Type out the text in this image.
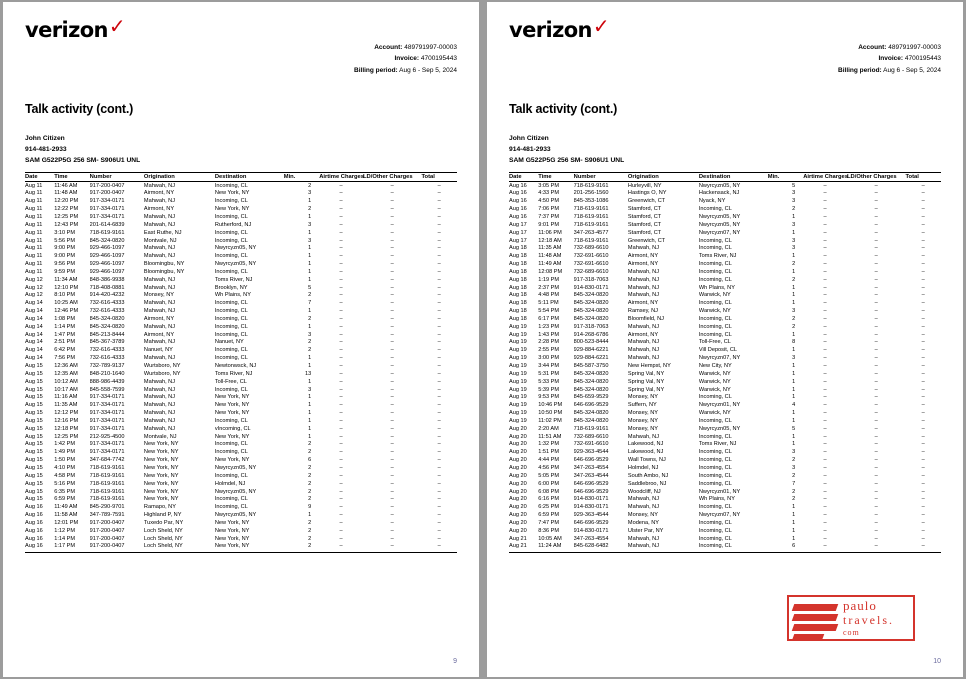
verizon✓
Account: 489791997-00003
Invoice: 4700195443
Billing period: Aug 6 - Sep 5, 2024
Talk activity (cont.)
John Citizen
914-481-2933
SAM G522P5G 256 SM- S906U1 UNL
Date	Time	Number	Origination	Destination	Min.	Airtime Charges	LD/Other Charges	Total
Aug 11	11:46 AM	917-200-0407	Mahwah, NJ	Incoming, CL	2	–	–	–
Aug 11	11:48 AM	917-200-0407	Airmont, NY	New York, NY	3	–	–	–
Aug 11	12:20 PM	917-334-0171	Mahwah, NJ	Incoming, CL	1	–	–	–
Aug 11	12:22 PM	917-334-0171	Airmont, NY	New York, NY	2	–	–	–
Aug 11	12:25 PM	917-334-0171	Mahwah, NJ	Incoming, CL	1	–	–	–
Aug 11	12:43 PM	201-614-6839	Mahwah, NJ	Rutherford, NJ	3	–	–	–
Aug 11	3:10 PM	718-619-9161	East Ruthe, NJ	Incoming, CL	1	–	–	–
Aug 11	5:56 PM	845-324-0820	Montvale, NJ	Incoming, CL	3	–	–	–
Aug 11	9:00 PM	929-466-1097	Mahwah, NJ	Nwyrcyzn05, NY	1	–	–	–
Aug 11	9:00 PM	929-466-1097	Mahwah, NJ	Incoming, CL	1	–	–	–
Aug 11	9:56 PM	929-466-1097	Bloomingbu, NY	Nwyrcyzn05, NY	1	–	–	–
Aug 11	9:59 PM	929-466-1097	Bloomingbu, NY	Incoming, CL	1	–	–	–
Aug 12	11:34 AM	848-386-9938	Mahwah, NJ	Toms River, NJ	1	–	–	–
Aug 12	12:10 PM	718-408-0881	Mahwah, NJ	Brooklyn, NY	5	–	–	–
Aug 12	8:10 PM	914-420-4232	Monsey, NY	Wh Plains, NY	2	–	–	–
Aug 14	10:25 AM	732-616-4333	Mahwah, NJ	Incoming, CL	7	–	–	–
Aug 14	12:46 PM	732-616-4333	Mahwah, NJ	Incoming, CL	1	–	–	–
Aug 14	1:08 PM	845-324-0820	Airmont, NY	Incoming, CL	2	–	–	–
Aug 14	1:14 PM	845-324-0820	Mahwah, NJ	Incoming, CL	1	–	–	–
Aug 14	1:47 PM	845-213-8444	Airmont, NY	Incoming, CL	3	–	–	–
Aug 14	2:51 PM	845-367-3789	Mahwah, NJ	Nanuet, NY	2	–	–	–
Aug 14	6:42 PM	732-616-4333	Nanuet, NY	Incoming, CL	2	–	–	–
Aug 14	7:56 PM	732-616-4333	Mahwah, NJ	Incoming, CL	1	–	–	–
Aug 15	12:36 AM	732-789-9137	Wurtsboro, NY	Newtonwsck, NJ	1	–	–	–
Aug 15	12:35 AM	848-210-1640	Wurtsboro, NY	Toms River, NJ	13	–	–	–
Aug 15	10:12 AM	888-986-4439	Mahwah, NJ	Toll-Free, CL	1	–	–	–
Aug 15	10:17 AM	845-558-7599	Mahwah, NJ	Incoming, CL	3	–	–	–
Aug 15	11:16 AM	917-334-0171	Mahwah, NJ	New York, NY	1	–	–	–
Aug 15	11:35 AM	917-334-0171	Mahwah, NJ	New York, NY	1	–	–	–
Aug 15	12:12 PM	917-334-0171	Mahwah, NJ	New York, NY	1	–	–	–
Aug 15	12:16 PM	917-334-0171	Mahwah, NJ	Incoming, CL	1	–	–	–
Aug 15	12:18 PM	917-334-0171	Mahwah, NJ	vIncoming, CL	1	–	–	–
Aug 15	12:25 PM	212-925-4500	Montvale, NJ	New York, NY	1	–	–	–
Aug 15	1:42 PM	917-334-0171	New York, NY	Incoming, CL	2	–	–	–
Aug 15	1:49 PM	917-334-0171	New York, NY	Incoming, CL	2	–	–	–
Aug 15	1:50 PM	347-684-7742	New York, NY	New York, NY	6	–	–	–
Aug 15	4:10 PM	718-619-9161	New York, NY	Nwyrcyzn05, NY	2	–	–	–
Aug 15	4:58 PM	718-619-9161	New York, NY	Incoming, CL	2	–	–	–
Aug 15	5:16 PM	718-619-9161	New York, NY	Holmdel, NJ	2	–	–	–
Aug 15	6:35 PM	718-619-9161	New York, NY	Nwyrcyzn05, NY	2	–	–	–
Aug 15	6:59 PM	718-619-9161	New York, NY	Incoming, CL	2	–	–	–
Aug 16	11:49 AM	845-290-9701	Ramapo, NY	Incoming, CL	9	–	–	–
Aug 16	11:58 AM	347-789-7591	Highland P, NY	Nwyrcyzn05, NY	1	–	–	–
Aug 16	12:01 PM	917-200-0407	Tuxedo Par, NY	New York, NY	2	–	–	–
Aug 16	1:12 PM	917-200-0407	Loch Sheld, NY	New York, NY	2	–	–	–
Aug 16	1:14 PM	917-200-0407	Loch Sheld, NY	New York, NY	2	–	–	–
Aug 16	1:17 PM	917-200-0407	Loch Sheld, NY	New York, NY	2	–	–	–
9
verizon✓
Account: 489791997-00003
Invoice: 4700195443
Billing period: Aug 6 - Sep 5, 2024
Talk activity (cont.)
John Citizen
914-481-2933
SAM G522P5G 256 SM- S906U1 UNL
Date	Time	Number	Origination	Destination	Min.	Airtime Charges	LD/Other Charges	Total
Aug 16	3:05 PM	718-619-9161	Hurleyvill, NY	Nwyrcyzn05, NY	5	–	–	–
Aug 16	4:33 PM	201-256-1560	Hastings O, NY	Hackensack, NJ	3	–	–	–
Aug 16	4:50 PM	845-353-1086	Greenwich, CT	Nyack, NY	3	–	–	–
Aug 16	7:06 PM	718-619-9161	Stamford, CT	Incoming, CL	2	–	–	–
Aug 16	7:37 PM	718-619-9161	Stamford, CT	Nwyrcyzn05, NY	1	–	–	–
Aug 17	9:01 PM	718-619-9161	Stamford, CT	Nwyrcyzn05, NY	3	–	–	–
Aug 17	11:06 PM	347-263-4577	Stamford, CT	Nwyrcyzn07, NY	1	–	–	–
Aug 17	12:18 AM	718-619-9161	Greenwich, CT	Incoming, CL	3	–	–	–
Aug 18	11:35 AM	732-689-6610	Mahwah, NJ	Incoming, CL	3	–	–	–
Aug 18	11:48 AM	732-691-6610	Airmont, NY	Toms River, NJ	1	–	–	–
Aug 18	11:49 AM	732-691-6610	Airmont, NY	Incoming, CL	2	–	–	–
Aug 18	12:08 PM	732-689-6610	Mahwah, NJ	Incoming, CL	1	–	–	–
Aug 18	1:19 PM	917-318-7063	Mahwah, NJ	Incoming, CL	2	–	–	–
Aug 18	2:37 PM	914-830-0171	Mahwah, NJ	Wh Plains, NY	1	–	–	–
Aug 18	4:48 PM	845-324-0820	Mahwah, NJ	Warwick, NY	1	–	–	–
Aug 18	5:11 PM	845-324-0820	Airmont, NY	Incoming, CL	1	–	–	–
Aug 18	5:54 PM	845-324-0820	Ramsey, NJ	Warwick, NY	3	–	–	–
Aug 18	6:17 PM	845-324-0820	Bloomfield, NJ	Incoming, CL	2	–	–	–
Aug 19	1:23 PM	917-318-7063	Mahwah, NJ	Incoming, CL	2	–	–	–
Aug 19	1:43 PM	914-268-6786	Airmont, NY	Incoming, CL	1	–	–	–
Aug 19	2:28 PM	800-523-8444	Mahwah, NJ	Toll-Free, CL	8	–	–	–
Aug 19	2:55 PM	929-884-6221	Mahwah, NJ	Vill Deposit, CL	1	–	–	–
Aug 19	3:00 PM	929-884-6221	Mahwah, NJ	Nwyrcyzn07, NY	3	–	–	–
Aug 19	3:44 PM	845-587-3750	New Hempst, NY	New City, NY	1	–	–	–
Aug 19	5:31 PM	845-324-0820	Spring Val, NY	Warwick, NY	1	–	–	–
Aug 19	5:33 PM	845-324-0820	Spring Val, NY	Warwick, NY	1	–	–	–
Aug 19	5:39 PM	845-324-0820	Spring Val, NY	Warwick, NY	1	–	–	–
Aug 19	9:53 PM	845-659-9529	Monsey, NY	Incoming, CL	1	–	–	–
Aug 19	10:46 PM	646-696-9529	Suffern, NY	Nwyrcyzn01, NY	4	–	–	–
Aug 19	10:50 PM	845-324-0820	Monsey, NY	Warwick, NY	1	–	–	–
Aug 19	11:02 PM	845-324-0820	Monsey, NY	Incoming, CL	1	–	–	–
Aug 20	2:20 AM	718-619-9161	Monsey, NY	Nwyrcyzn05, NY	5	–	–	–
Aug 20	11:51 AM	732-689-6610	Mahwah, NJ	Incoming, CL	1	–	–	–
Aug 20	1:32 PM	732-691-6610	Lakewood, NJ	Toms River, NJ	1	–	–	–
Aug 20	1:51 PM	929-363-4544	Lakewood, NJ	Incoming, CL	3	–	–	–
Aug 20	4:44 PM	646-696-9529	Wall Towns, NJ	Incoming, CL	2	–	–	–
Aug 20	4:56 PM	347-263-4554	Holmdel, NJ	Incoming, CL	3	–	–	–
Aug 20	5:05 PM	347-263-4544	South Ambo, NJ	Incoming, CL	2	–	–	–
Aug 20	6:00 PM	646-696-9529	Saddlebroo, NJ	Incoming, CL	7	–	–	–
Aug 20	6:08 PM	646-696-9529	Woodcliff, NJ	Nwyrcyzn01, NY	2	–	–	–
Aug 20	6:16 PM	914-830-0171	Mahwah, NJ	Wh Plains, NY	2	–	–	–
Aug 20	6:25 PM	914-830-0171	Mahwah, NJ	Incoming, CL	1	–	–	–
Aug 20	6:59 PM	929-363-4544	Monsey, NY	Nwyrcyzn07, NY	1	–	–	–
Aug 20	7:47 PM	646-696-9529	Modena, NY	Incoming, CL	1	–	–	–
Aug 20	8:36 PM	914-830-0171	Ulster Par, NY	Incoming, CL	1	–	–	–
Aug 21	10:05 AM	347-263-4554	Mahwah, NJ	Incoming, CL	1	–	–	–
Aug 21	11:24 AM	845-628-6482	Mahwah, NJ	Incoming, CL	6	–	–	–
paulo
travels.
com
10
